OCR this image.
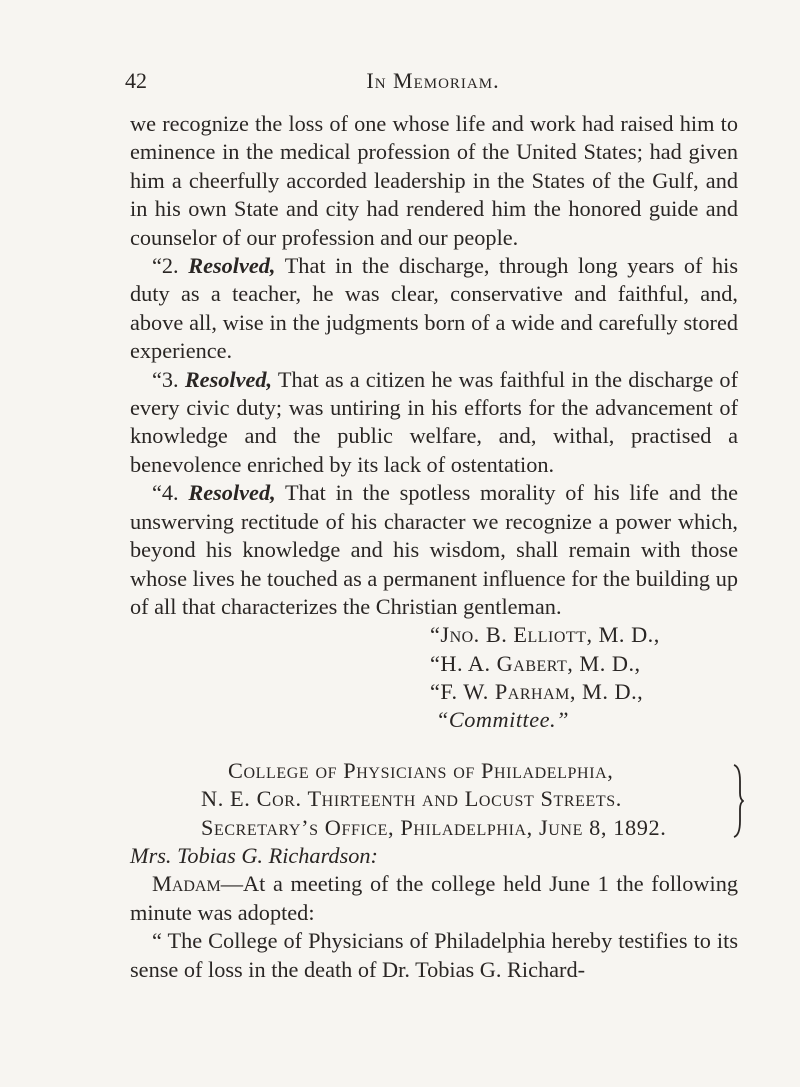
42	In Memoriam.

we recognize the loss of one whose life and work had raised him to eminence in the medical profession of the United States; had given him a cheerfully accorded leadership in the States of the Gulf, and in his own State and city had rendered him the honored guide and counselor of our profession and our people.

“2. Resolved, That in the discharge, through long years of his duty as a teacher, he was clear, conservative and faithful, and, above all, wise in the judgments born of a wide and carefully stored experience.

“3. Resolved, That as a citizen he was faithful in the discharge of every civic duty; was untiring in his efforts for the advancement of knowledge and the public welfare, and, withal, practised a benevolence enriched by its lack of ostentation.

“4. Resolved, That in the spotless morality of his life and the unswerving rectitude of his character we recognize a power which, beyond his knowledge and his wisdom, shall remain with those whose lives he touched as a permanent influence for the building up of all that characterizes the Christian gentleman.

“Jno. B. Elliott, M. D.,
“H. A. Gabert, M. D.,
“F. W. Parham, M. D.,
“Committee.”
College of Physicians of Philadelphia,
N. E. Cor. Thirteenth and Locust Streets.
Secretary’s Office, Philadelphia, June 8, 1892.

Mrs. Tobias G. Richardson:

Madam—At a meeting of the college held June 1 the following minute was adopted:

“ The College of Physicians of Philadelphia hereby testifies to its sense of loss in the death of Dr. Tobias G. Richard-
